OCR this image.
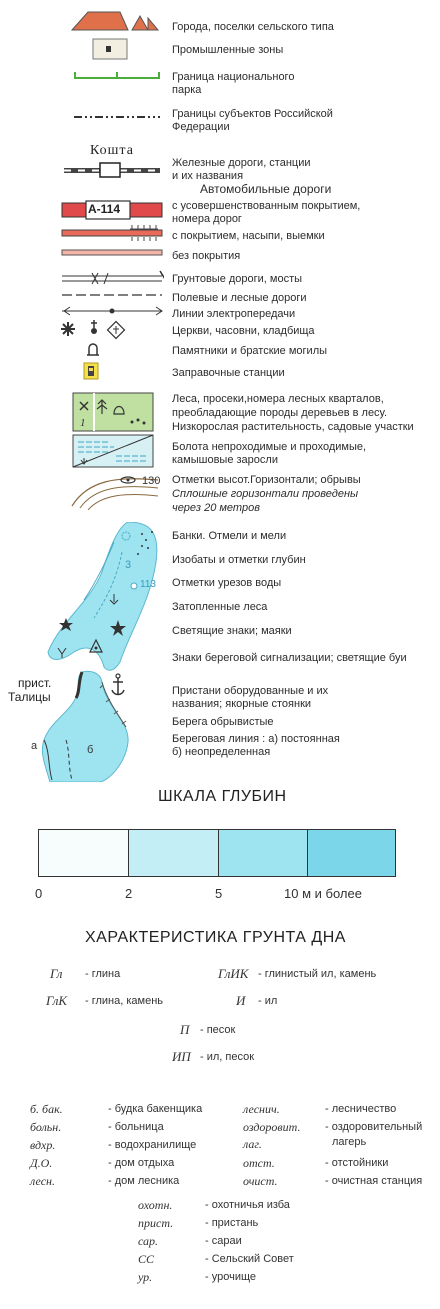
Города, поселки сельского типа
Промышленные зоны
Граница национального
парка
Границы субъектов Российской
Федерации
Кошта
Железные дороги, станции
и их названия
Автомобильные дороги
А-114	с усовершенствованным покрытием,
номера дорог
с покрытием, насыпи, выемки
без покрытия
Грунтовые дороги, мосты
Полевые и лесные дороги
Линии электропередачи
Церкви, часовни, кладбища
Памятники и братские могилы
Заправочные станции
1
Леса, просеки,номера лесных кварталов,
преобладающие породы деревьев в лесу.
Низкорослая растительность, садовые участки
Болота непроходимые и проходимые,
камышовые заросли
130 Отметки высот.Горизонтали; обрывы
Сплошные горизонтали проведены
через 20 метров
3
113
прист.
Талицы
а	б
Банки. Отмели и мели
Изобаты и отметки глубин
Отметки урезов воды
Затопленные леса
Светящие знаки; маяки
Знаки береговой сигнализации; светящие буи
Пристани оборудованные и их
названия; якорные стоянки
Берега обрывистые
Береговая линия : а) постоянная
б) неопределенная
ШКАЛА ГЛУБИН
0	2	5	10 м и более
ХАРАКТЕРИСТИКА ГРУНТА ДНА
Гл - глина	ГлИК - глинистый ил, камень
ГлК - глина, камень	И - ил
П - песок
ИП - ил, песок
б. бак.	- будка бакенщика
больн.	- больница
вдхр.	- водохранилище
Д.О.	- дом отдыха
лесн.	- дом лесника
леснич.	- лесничество
оздоровит. - оздоровительный
лаг.	лагерь
отст.	- отстойники
очист.	- очистная станция
охотн.	- охотничья изба
прист.	- пристань
сар.	- сараи
СС	- Сельский Совет
ур.	- урочище
